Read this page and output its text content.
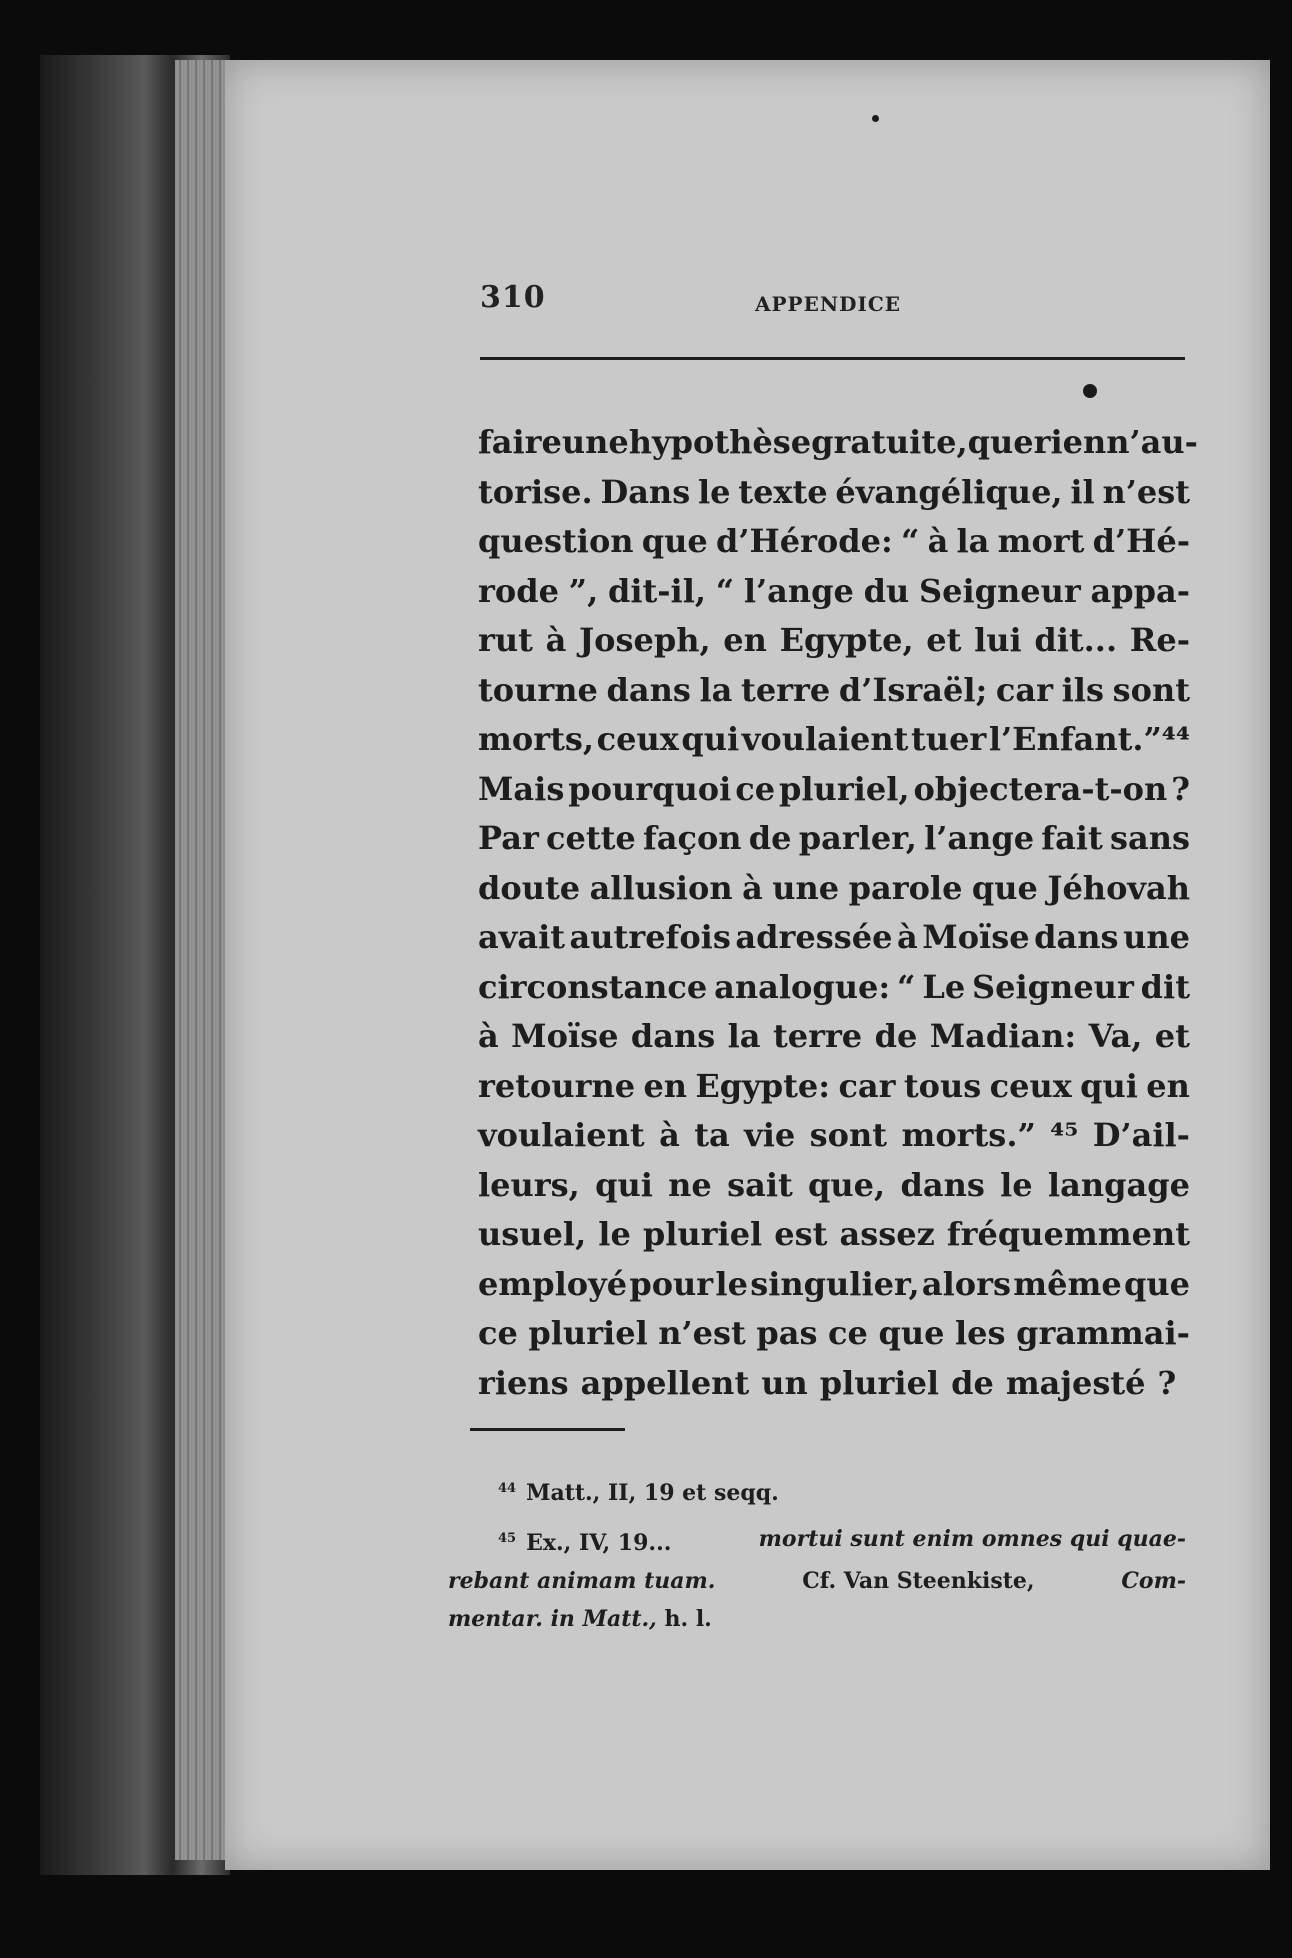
310	APPENDICE
faire une hypothèse gratuite,que rien n’au-
torise. Dans le texte évangélique, il n’est
question que d’Hérode: “ à la mort d’Hé-
rode ”, dit-il, “ l’ange du Seigneur appa-
rut à Joseph, en Egypte, et lui dit... Re-
tourne dans la terre d’Israël; car ils sont
morts, ceux qui voulaient tuer l’Enfant.”⁴⁴
Mais pourquoi ce pluriel, objectera-t-on ?
Par cette façon de parler, l’ange fait sans
doute allusion à une parole que Jéhovah
avait autrefois adressée à Moïse dans une
circonstance analogue: “ Le Seigneur dit
à Moïse dans la terre de Madian: Va, et
retourne en Egypte: car tous ceux qui en
voulaient à ta vie sont morts.” ⁴⁵ D’ail-
leurs, qui ne sait que, dans le langage
usuel, le pluriel est assez fréquemment
employé pour le singulier, alors même que
ce pluriel n’est pas ce que les grammai-
riens appellent un pluriel de majesté ?
$^{44}$ Matt., II, 19 et seqq.
$^{45}$ Ex., IV, 19...	mortui sunt enim omnes qui quae-
rebant animam tuam.	Cf. Van Steenkiste,	Com-
mentar. in Matt., h. l.
